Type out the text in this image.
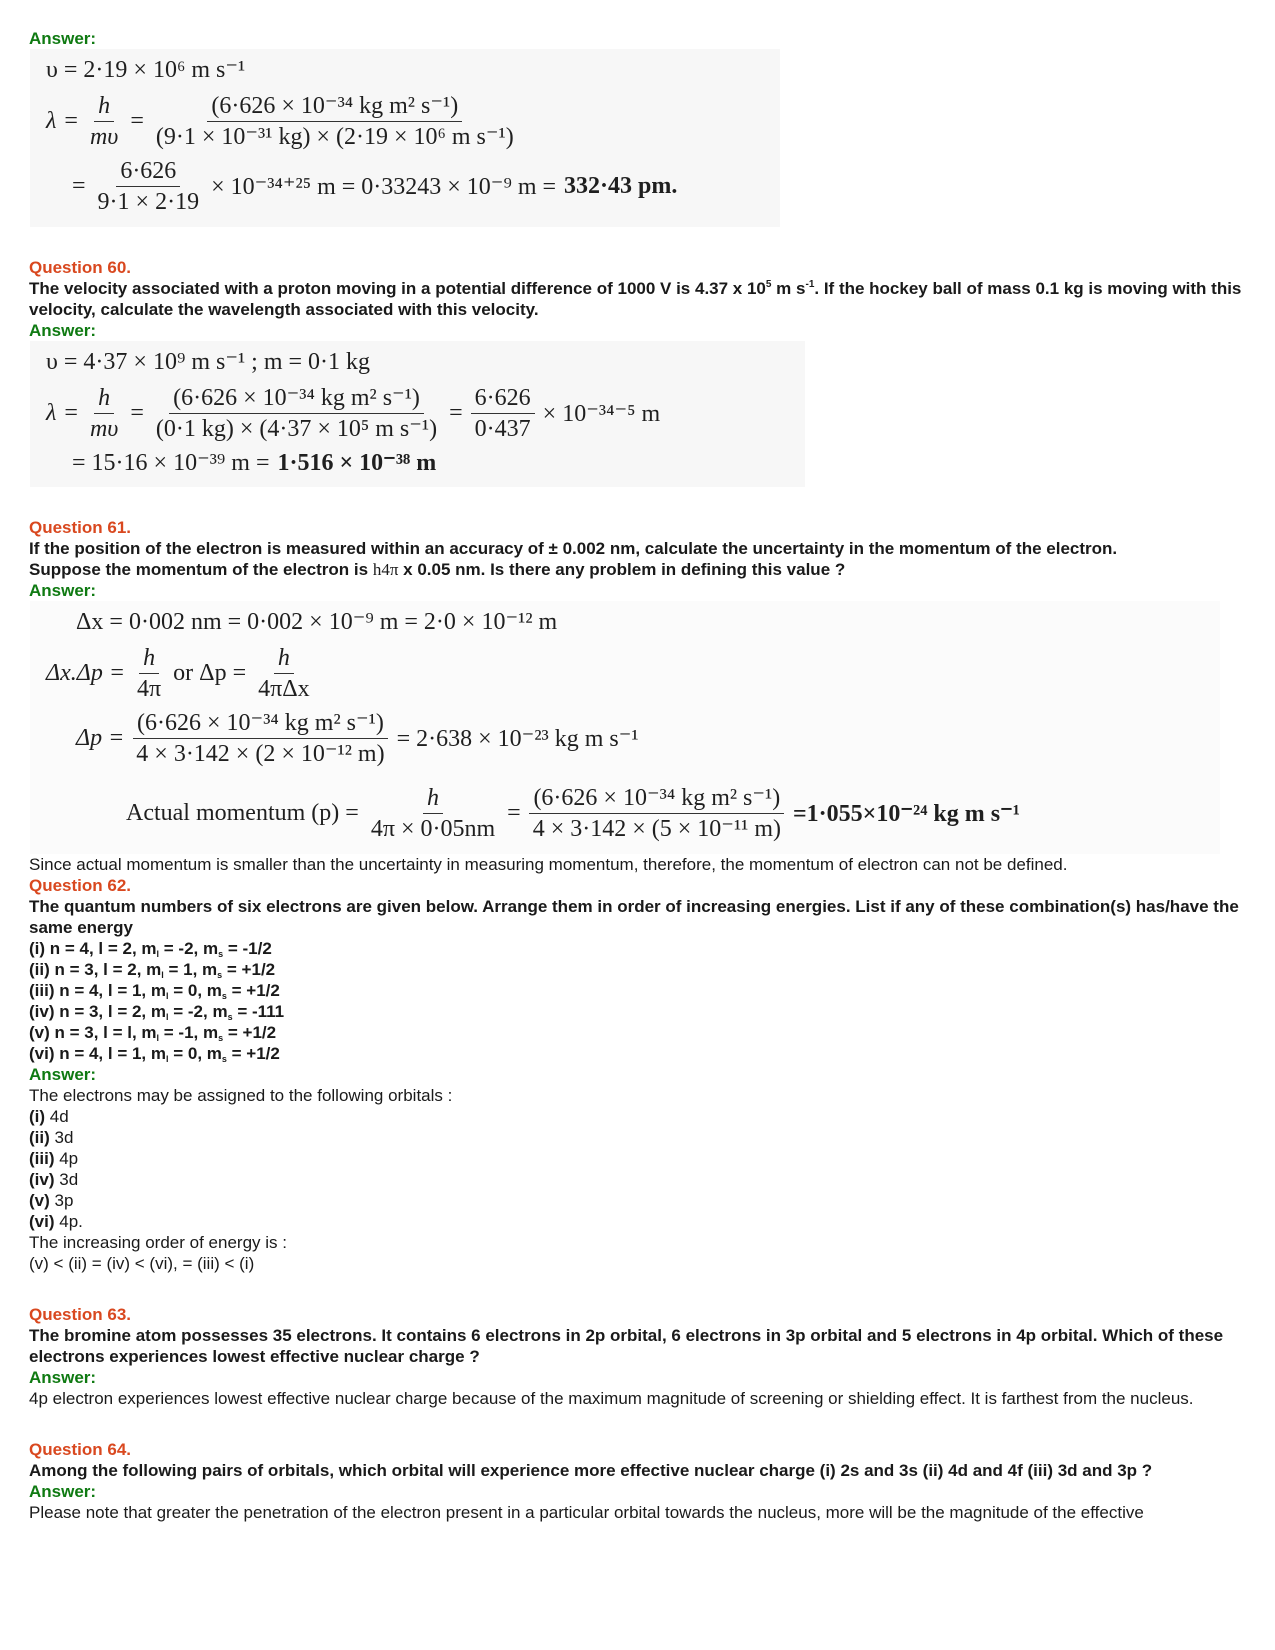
Answer:
υ = 2·19 × 10⁶ m s⁻¹
$\lambda = \frac{h}{m\upsilon} = \frac{\text{(6·626 × 10⁻³⁴ kg m² s⁻¹)}}{\text{(9·1 × 10⁻³¹ kg) × (2·19 × 10⁶ m s⁻¹)}}$
= $\frac{6\cdot 626}{9\cdot 1 \times 2\cdot 19} \times 10^{-34+25}$ m = 0·33243 × 10⁻⁹ m = 332·43 pm.
Question 60.
The velocity associated with a proton moving in a potential difference of 1000 V is 4.37 x $10^5$ m $s^{-1}$. If the hockey ball of mass 0.1 kg is moving with this velocity, calculate the wavelength associated with this velocity.
Answer:
υ = 4·37 × 10⁹ m s⁻¹ ; m = 0·1 kg
$\lambda = \frac{h}{m\upsilon} = \frac{\text{(6·626 × 10⁻³⁴ kg m² s⁻¹)}}{\text{(0·1 kg) × (4·37 × 10⁵ m s⁻¹)}} = \frac{6\cdot 626}{0\cdot 437} \times 10^{-34-5}$ m
= 15·16 × 10⁻³⁹ m = 1·516 × 10⁻³⁸ m
Question 61.
If the position of the electron is measured within an accuracy of ± 0.002 nm, calculate the uncertainty in the momentum of the electron.
Suppose the momentum of the electron is h4π x 0.05 nm. Is there any problem in defining this value ?
Answer:
Δx = 0·002 nm = 0·002 × 10⁻⁹ m = 2·0 × 10⁻¹² m
$\Delta x.\Delta p = \frac{h}{4\pi}$ or $\Delta p = \frac{h}{\text{4πΔx}}$
$\Delta p = \frac{\text{(6·626 × 10⁻³⁴ kg m² s⁻¹)}}{\text{4 × 3·142 × (2 × 10⁻¹² m)}} = 2\cdot 638 \times 10^{-23}$ kg m s⁻¹
Actual momentum $(p) = \frac{h}{4\pi \times 0\cdot 05nm} = \frac{\text{(6·626 × 10⁻³⁴ kg m² s⁻¹)}}{\text{4 × 3·142 × (5 × 10⁻¹¹ m)}} =1\cdot 055\times 10^{-24}$ kg m s⁻¹
Since actual momentum is smaller than the uncertainty in measuring momentum, therefore, the momentum of electron can not be defined.
Question 62.
The quantum numbers of six electrons are given below. Arrange them in order of increasing energies. List if any of these combination(s) has/have the same energy
(i) n = 4, l = 2, $m_l = -2$, $m_s = -1/2$
(ii) n = 3, l = 2, $m_l = 1$, $m_s = +1/2$
(iii) n = 4, l = 1, $m_l = 0$, $m_s = +1/2$
(iv) n = 3, l = 2, $m_l = -2$, $m_s = -111$
(v) n = 3, l = l, $m_l = -1$, $m_s = +1/2$
(vi) n = 4, l = 1, $m_l = 0$, $m_s = +1/2$
Answer:
The electrons may be assigned to the following orbitals :
(i) 4d
(ii) 3d
(iii) 4p
(iv) 3d
(v) 3p
(vi) 4p.
The increasing order of energy is :
(v) < (ii) = (iv) < (vi), = (iii) < (i)
Question 63.
The bromine atom possesses 35 electrons. It contains 6 electrons in 2p orbital, 6 electrons in 3p orbital and 5 electrons in 4p orbital. Which of these electrons experiences lowest effective nuclear charge ?
Answer:
4p electron experiences lowest effective nuclear charge because of the maximum magnitude of screening or shielding effect. It is farthest from the nucleus.
Question 64.
Among the following pairs of orbitals, which orbital will experience more effective nuclear charge (i) 2s and 3s (ii) 4d and 4f (iii) 3d and 3p ?
Answer:
Please note that greater the penetration of the electron present in a particular orbital towards the nucleus, more will be the magnitude of the effective
